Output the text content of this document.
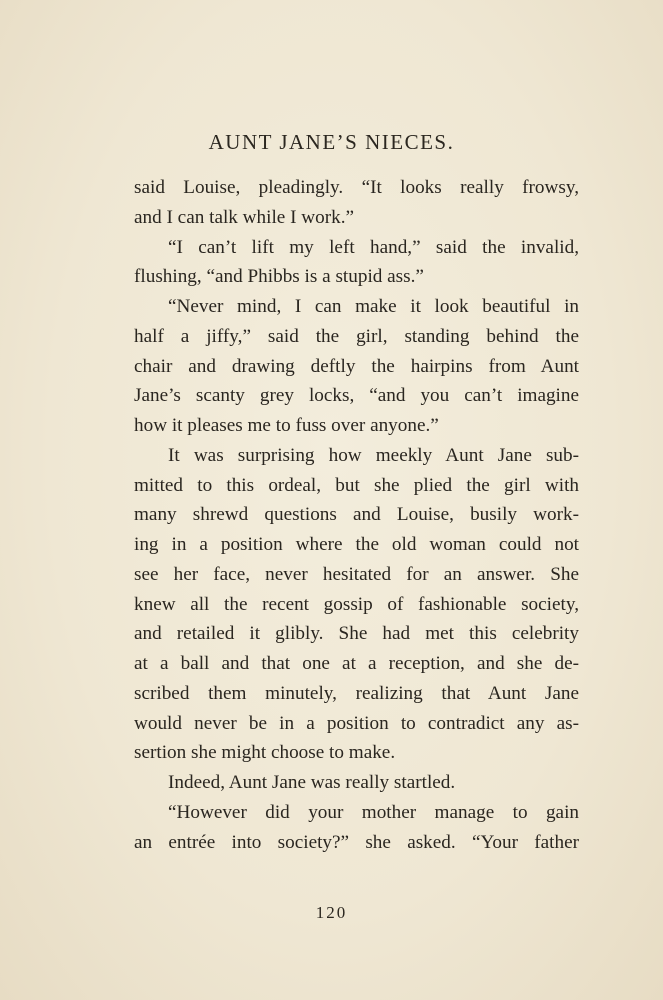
AUNT JANE’S NIECES.
said Louise, pleadingly. “It looks really frowsy,
and I can talk while I work.”
“I can’t lift my left hand,” said the invalid,
flushing, “and Phibbs is a stupid ass.”
“Never mind, I can make it look beautiful in
half a jiffy,” said the girl, standing behind the
chair and drawing deftly the hairpins from Aunt
Jane’s scanty grey locks, “and you can’t imagine
how it pleases me to fuss over anyone.”
It was surprising how meekly Aunt Jane sub-
mitted to this ordeal, but she plied the girl with
many shrewd questions and Louise, busily work-
ing in a position where the old woman could not
see her face, never hesitated for an answer. She
knew all the recent gossip of fashionable society,
and retailed it glibly. She had met this celebrity
at a ball and that one at a reception, and she de-
scribed them minutely, realizing that Aunt Jane
would never be in a position to contradict any as-
sertion she might choose to make.
Indeed, Aunt Jane was really startled.
“However did your mother manage to gain
an entrée into society?” she asked. “Your father
120
